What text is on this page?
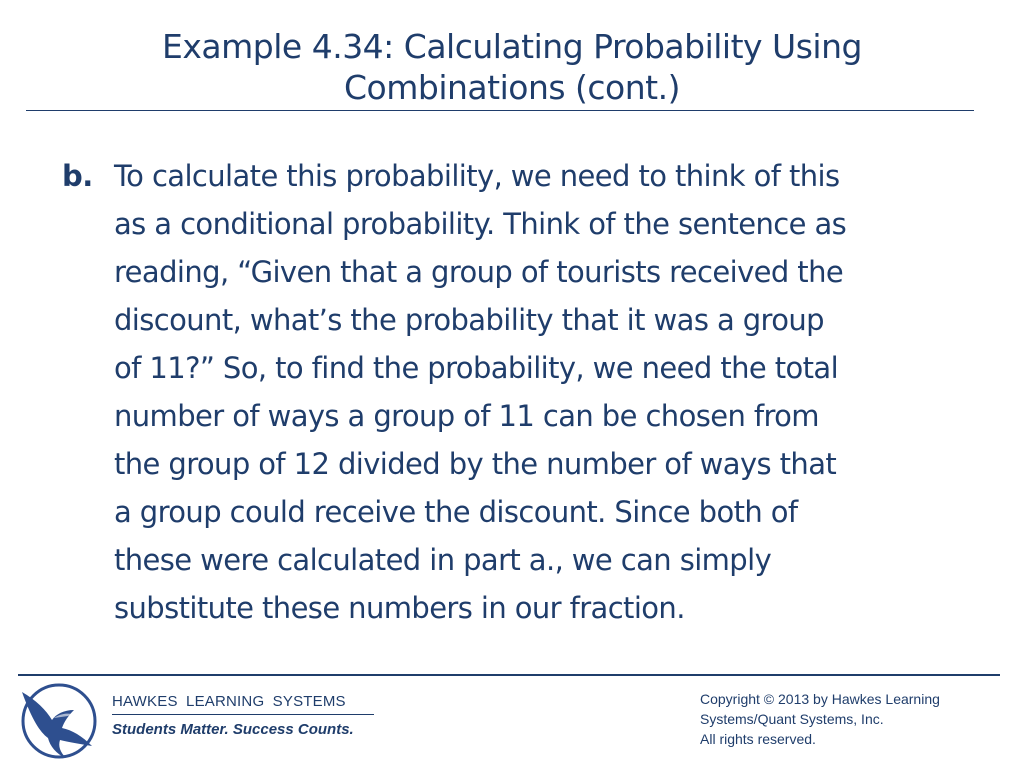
Example 4.34: Calculating Probability Using
Combinations (cont.)
b. To calculate this probability, we need to think of this
as a conditional probability. Think of the sentence as
reading, “Given that a group of tourists received the
discount, what’s the probability that it was a group
of 11?” So, to find the probability, we need the total
number of ways a group of 11 can be chosen from
the group of 12 divided by the number of ways that
a group could receive the discount. Since both of
these were calculated in part a., we can simply
substitute these numbers in our fraction.
HAWKES LEARNING SYSTEMS
Students Matter. Success Counts.
Copyright © 2013 by Hawkes Learning
Systems/Quant Systems, Inc.
All rights reserved.
